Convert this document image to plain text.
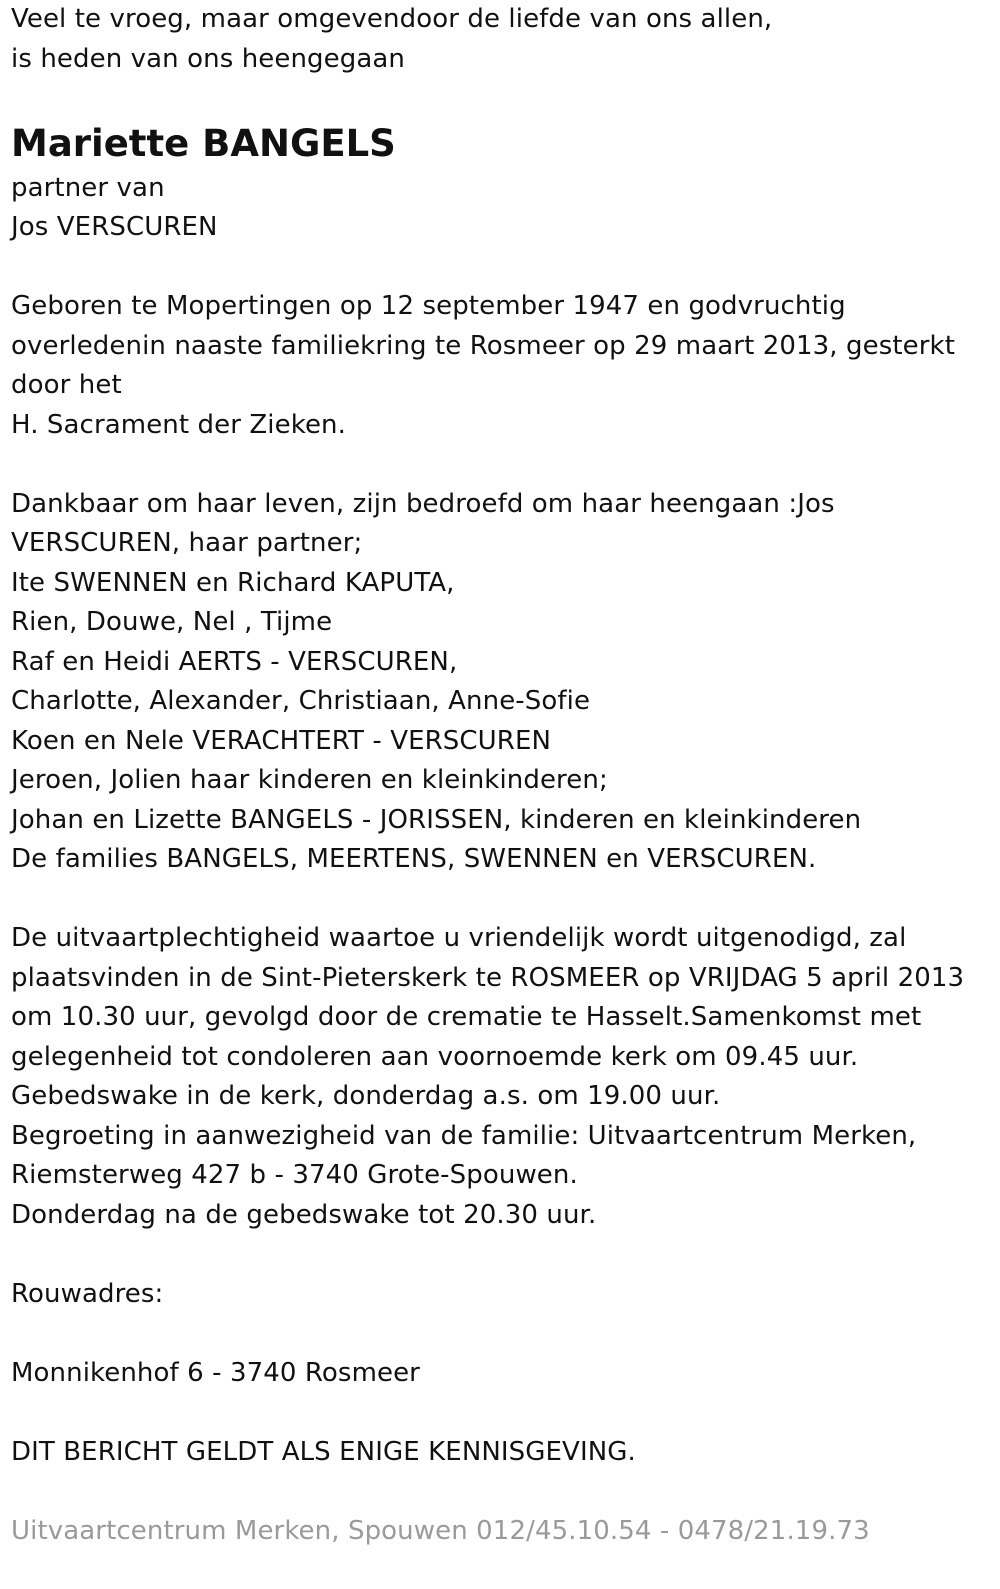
Veel te vroeg, maar omgevendoor de liefde van ons allen,
is heden van ons heengegaan
Mariette BANGELS
partner van
Jos VERSCUREN
Geboren te Mopertingen op 12 september 1947 en godvruchtig
overledenin naaste familiekring te Rosmeer op 29 maart 2013, gesterkt
door het
H. Sacrament der Zieken.
Dankbaar om haar leven, zijn bedroefd om haar heengaan :Jos
VERSCUREN, haar partner;
Ite SWENNEN en Richard KAPUTA,
Rien, Douwe, Nel , Tijme
Raf en Heidi AERTS - VERSCUREN,
Charlotte, Alexander, Christiaan, Anne-Sofie
Koen en Nele VERACHTERT - VERSCUREN
Jeroen, Jolien haar kinderen en kleinkinderen;
Johan en Lizette BANGELS - JORISSEN, kinderen en kleinkinderen
De families BANGELS, MEERTENS, SWENNEN en VERSCUREN.
De uitvaartplechtigheid waartoe u vriendelijk wordt uitgenodigd, zal
plaatsvinden in de Sint-Pieterskerk te ROSMEER op VRIJDAG 5 april 2013
om 10.30 uur, gevolgd door de crematie te Hasselt.Samenkomst met
gelegenheid tot condoleren aan voornoemde kerk om 09.45 uur.
Gebedswake in de kerk, donderdag a.s. om 19.00 uur.
Begroeting in aanwezigheid van de familie: Uitvaartcentrum Merken,
Riemsterweg 427 b - 3740 Grote-Spouwen.
Donderdag na de gebedswake tot 20.30 uur.
Rouwadres:
Monnikenhof 6 - 3740 Rosmeer
DIT BERICHT GELDT ALS ENIGE KENNISGEVING.
Uitvaartcentrum Merken, Spouwen 012/45.10.54 - 0478/21.19.73
